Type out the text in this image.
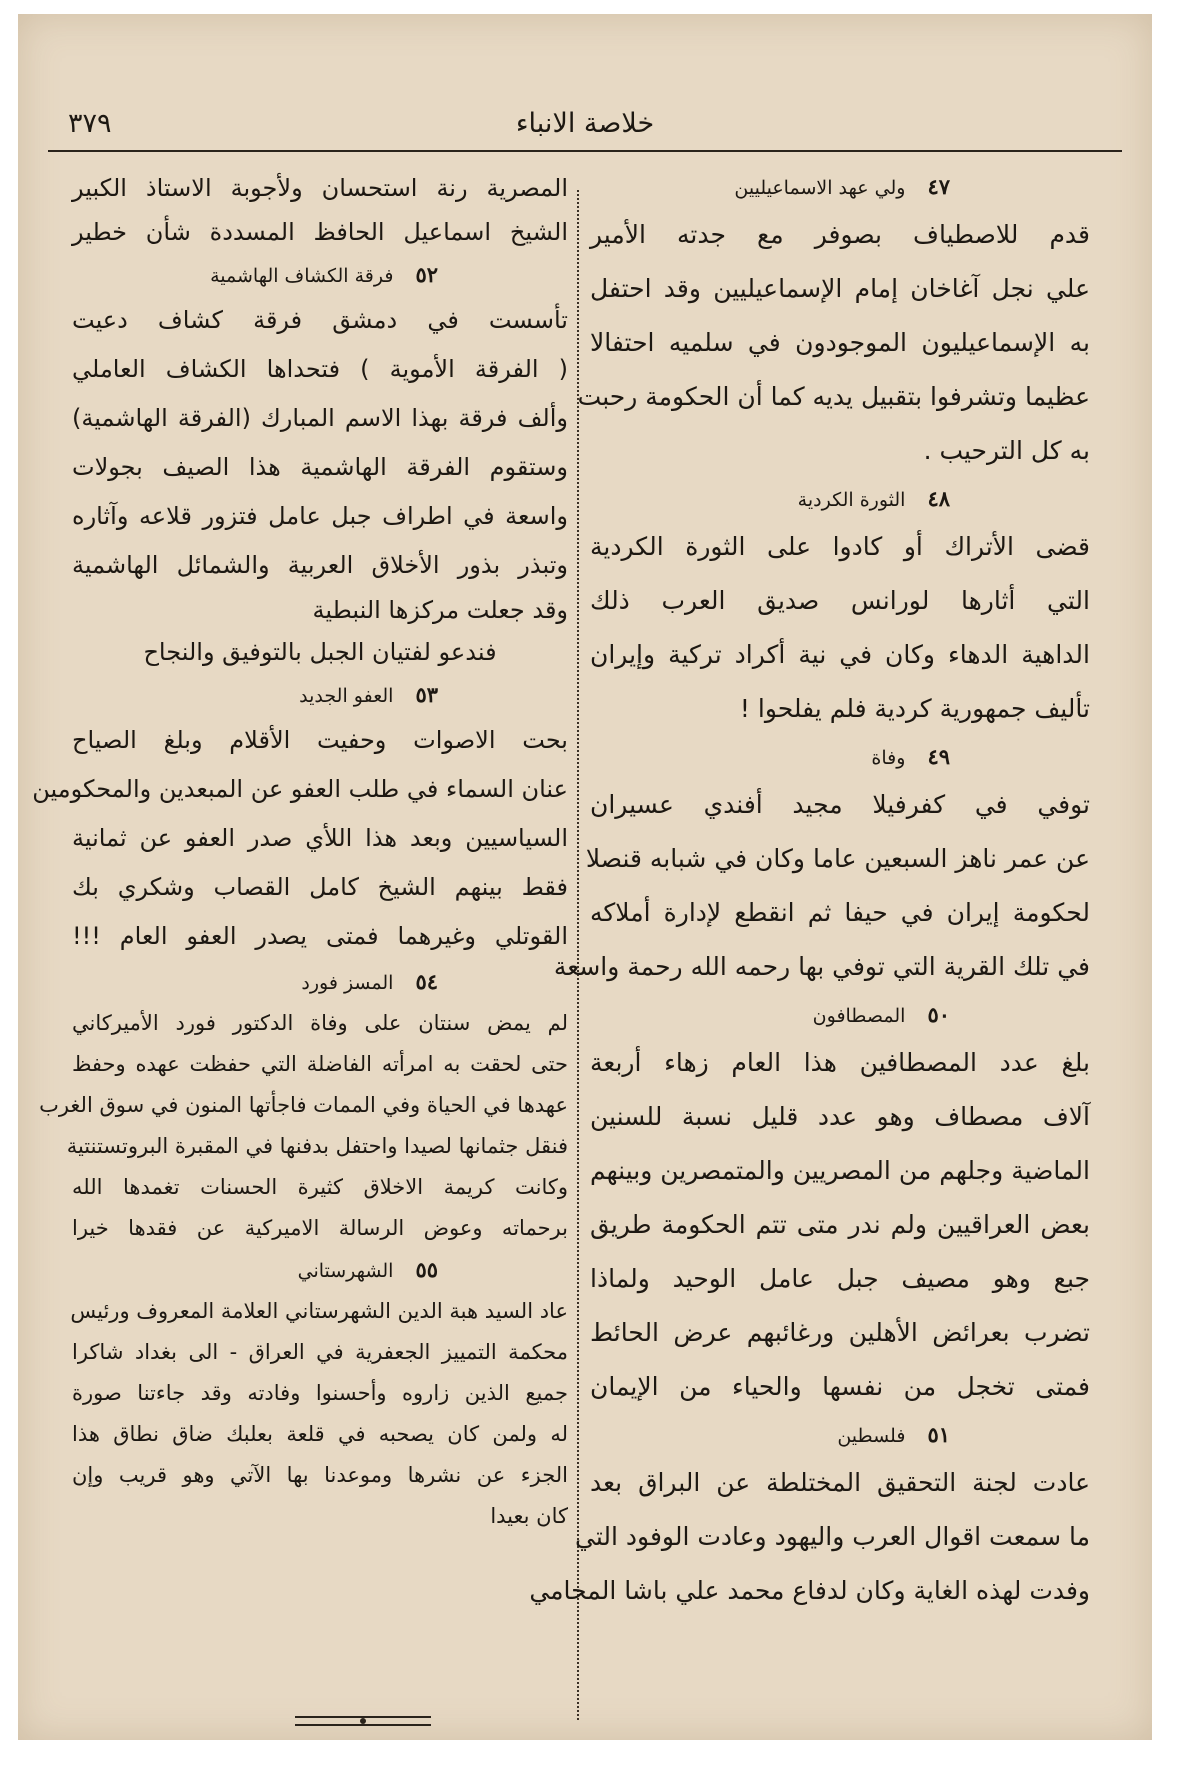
خلاصة الانباء
٣٧٩
٤٧ولي عهد الاسماعيليين
قدم للاصطياف بصوفر مع جدته الأمير
علي نجل آغاخان إمام الإسماعيليين وقد احتفل
به الإسماعيليون الموجودون في سلميه احتفالا
عظيما وتشرفوا بتقبيل يديه كما أن الحكومة رحبت
به كل الترحيب .
٤٨الثورة الكردية
قضى الأتراك أو كادوا على الثورة الكردية
التي أثارها لورانس صديق العرب ذلك
الداهية الدهاء وكان في نية أكراد تركية وإيران
تأليف جمهورية كردية فلم يفلحوا !
٤٩وفاة
توفي في كفرفيلا مجيد أفندي عسيران
عن عمر ناهز السبعين عاما وكان في شبابه قنصلا
لحكومة إيران في حيفا ثم انقطع لإدارة أملاكه
في تلك القرية التي توفي بها رحمه الله رحمة واسعة
٥٠المصطافون
بلغ عدد المصطافين هذا العام زهاء أربعة
آلاف مصطاف وهو عدد قليل نسبة للسنين
الماضية وجلهم من المصريين والمتمصرين وبينهم
بعض العراقيين ولم ندر متى تتم الحكومة طريق
جبع وهو مصيف جبل عامل الوحيد ولماذا
تضرب بعرائض الأهلين ورغائبهم عرض الحائط
فمتى تخجل من نفسها والحياء من الإيمان
٥١فلسطين
عادت لجنة التحقيق المختلطة عن البراق بعد
ما سمعت اقوال العرب واليهود وعادت الوفود التي
وفدت لهذه الغاية وكان لدفاع محمد علي باشا المحامي
المصرية رنة استحسان ولأجوبة الاستاذ الكبير
الشيخ اسماعيل الحافظ المسددة شأن خطير
٥٢فرقة الكشاف الهاشمية
تأسست في دمشق فرقة كشاف دعيت
( الفرقة الأموية ) فتحداها الكشاف العاملي
وألف فرقة بهذا الاسم المبارك (الفرقة الهاشمية)
وستقوم الفرقة الهاشمية هذا الصيف بجولات
واسعة في اطراف جبل عامل فتزور قلاعه وآثاره
وتبذر بذور الأخلاق العربية والشمائل الهاشمية
وقد جعلت مركزها النبطية
فندعو لفتيان الجبل بالتوفيق والنجاح
٥٣العفو الجديد
بحت الاصوات وحفيت الأقلام وبلغ الصياح
عنان السماء في طلب العفو عن المبعدين والمحكومين
السياسيين وبعد هذا اللأي صدر العفو عن ثمانية
فقط بينهم الشيخ كامل القصاب وشكري بك
القوتلي وغيرهما فمتى يصدر العفو العام !!!
٥٤المسز فورد
لم يمض سنتان على وفاة الدكتور فورد الأميركاني
حتى لحقت به امرأته الفاضلة التي حفظت عهده وحفظ
عهدها في الحياة وفي الممات فاجأتها المنون في سوق الغرب
فنقل جثمانها لصيدا واحتفل بدفنها في المقبرة البروتستنتية
وكانت كريمة الاخلاق كثيرة الحسنات تغمدها الله
برحماته وعوض الرسالة الاميركية عن فقدها خيرا
٥٥الشهرستاني
عاد السيد هبة الدين الشهرستاني العلامة المعروف ورئيس
محكمة التمييز الجعفرية في العراق - الى بغداد شاكرا
جميع الذين زاروه وأحسنوا وفادته وقد جاءتنا صورة
له ولمن كان يصحبه في قلعة بعلبك ضاق نطاق هذا
الجزء عن نشرها وموعدنا بها الآتي وهو قريب وإن
كان بعيدا
